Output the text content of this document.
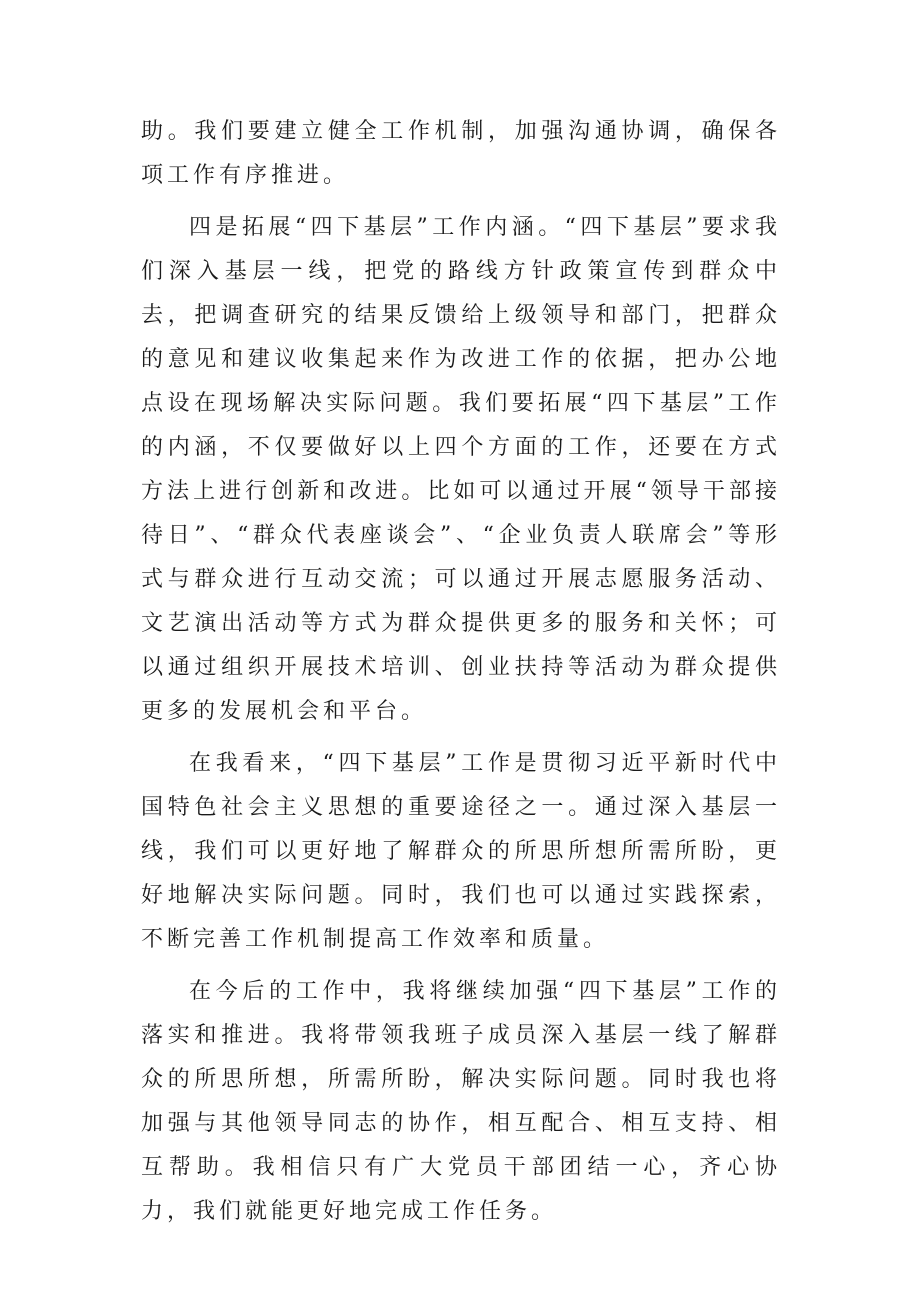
助。我们要建立健全工作机制，加强沟通协调，确保各项工作有序推进。

四是拓展“四下基层”工作内涵。“四下基层”要求我们深入基层一线，把党的路线方针政策宣传到群众中去，把调查研究的结果反馈给上级领导和部门，把群众的意见和建议收集起来作为改进工作的依据，把办公地点设在现场解决实际问题。我们要拓展“四下基层”工作的内涵，不仅要做好以上四个方面的工作，还要在方式方法上进行创新和改进。比如可以通过开展“领导干部接待日”、“群众代表座谈会”、“企业负责人联席会”等形式与群众进行互动交流；可以通过开展志愿服务活动、文艺演出活动等方式为群众提供更多的服务和关怀；可以通过组织开展技术培训、创业扶持等活动为群众提供更多的发展机会和平台。

在我看来，“四下基层”工作是贯彻习近平新时代中国特色社会主义思想的重要途径之一。通过深入基层一线，我们可以更好地了解群众的所思所想所需所盼，更好地解决实际问题。同时，我们也可以通过实践探索，不断完善工作机制提高工作效率和质量。

在今后的工作中，我将继续加强“四下基层”工作的落实和推进。我将带领我班子成员深入基层一线了解群众的所思所想，所需所盼，解决实际问题。同时我也将加强与其他领导同志的协作，相互配合、相互支持、相互帮助。我相信只有广大党员干部团结一心，齐心协力，我们就能更好地完成工作任务。
